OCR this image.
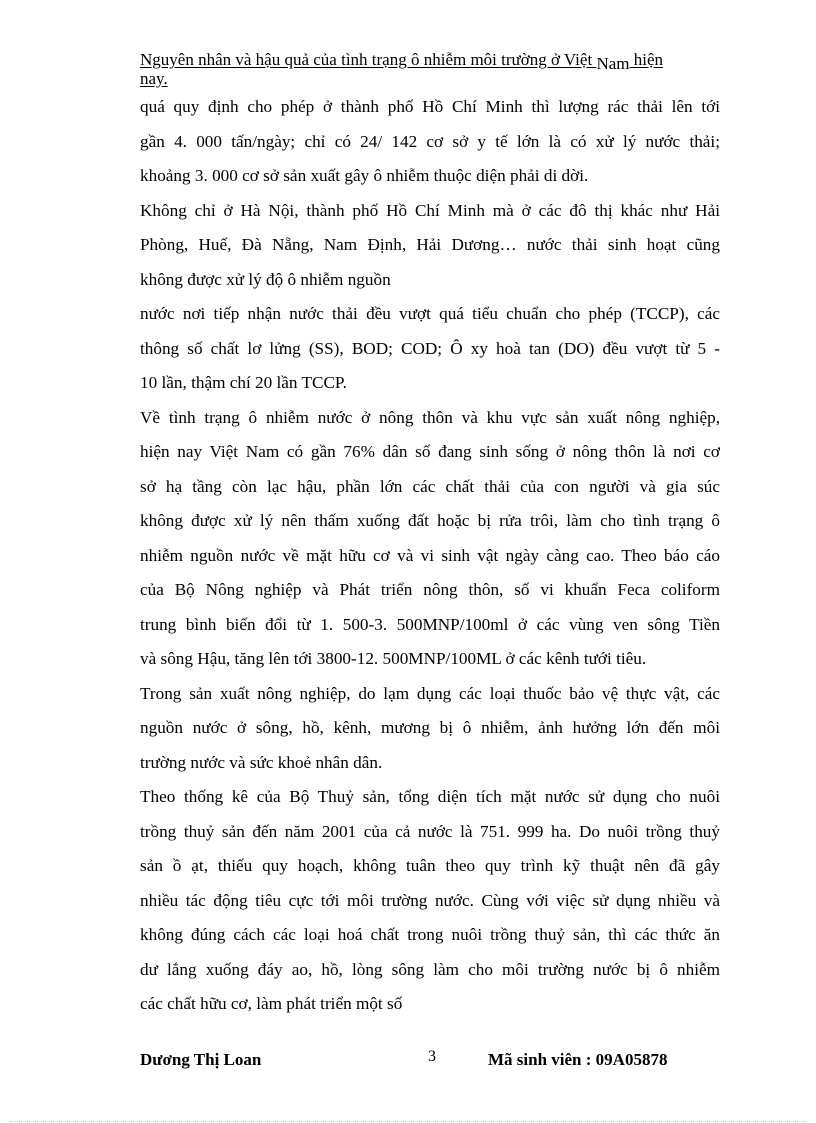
Nguyên nhân và hậu quả của tình trạng ô nhiễm môi trường ở Việt Nam hiện
nay.
quá quy định cho phép ở thành phố Hồ Chí Minh thì lượng rác thải lên tới
gần 4. 000 tấn/ngày; chỉ có 24/ 142 cơ sở y tế lớn là có xử lý nước thải;
khoảng 3. 000 cơ sở sản xuất gây ô nhiễm thuộc diện phải di dời.
Không chỉ ở Hà Nội, thành phố Hồ Chí Minh mà ở các đô thị khác như Hải
Phòng, Huế, Đà Nẵng, Nam Định, Hải Dương… nước thải sinh hoạt cũng
không được xử lý độ ô nhiễm nguồn
nước nơi tiếp nhận nước thải đều vượt quá tiểu chuẩn cho phép (TCCP), các
thông số chất lơ lửng (SS), BOD; COD; Ô xy hoà tan (DO) đều vượt từ 5 -
10 lần, thậm chí 20 lần TCCP.
Về tình trạng ô nhiễm nước ở nông thôn và khu vực sản xuất nông nghiệp,
hiện nay Việt Nam có gần 76% dân số đang sinh sống ở nông thôn là nơi cơ
sở hạ tầng còn lạc hậu, phần lớn các chất thải của con người và gia súc
không được xử lý nên thấm xuống đất hoặc bị rửa trôi, làm cho tình trạng ô
nhiễm nguồn nước về mặt hữu cơ và vi sinh vật ngày càng cao. Theo báo cáo
của Bộ Nông nghiệp và Phát triển nông thôn, số vi khuẩn Feca coliform
trung bình biến đổi từ 1. 500-3. 500MNP/100ml ở các vùng ven sông Tiền
và sông Hậu, tăng lên tới 3800-12. 500MNP/100ML ở các kênh tưới tiêu.
Trong sản xuất nông nghiệp, do lạm dụng các loại thuốc bảo vệ thực vật, các
nguồn nước ở sông, hồ, kênh, mương bị ô nhiễm, ảnh hưởng lớn đến môi
trường nước và sức khoẻ nhân dân.
Theo thống kê của Bộ Thuỷ sản, tổng diện tích mặt nước sử dụng cho nuôi
trồng thuỷ sản đến năm 2001 của cả nước là 751. 999 ha. Do nuôi trồng thuỷ
sản ồ ạt, thiếu quy hoạch, không tuân theo quy trình kỹ thuật nên đã gây
nhiều tác động tiêu cực tới môi trường nước. Cùng với việc sử dụng nhiều và
không đúng cách các loại hoá chất trong nuôi trồng thuỷ sản, thì các thức ăn
dư lắng xuống đáy ao, hồ, lòng sông làm cho môi trường nước bị ô nhiễm
các chất hữu cơ, làm phát triển một số
Dương Thị Loan	3	Mã sinh viên : 09A05878
